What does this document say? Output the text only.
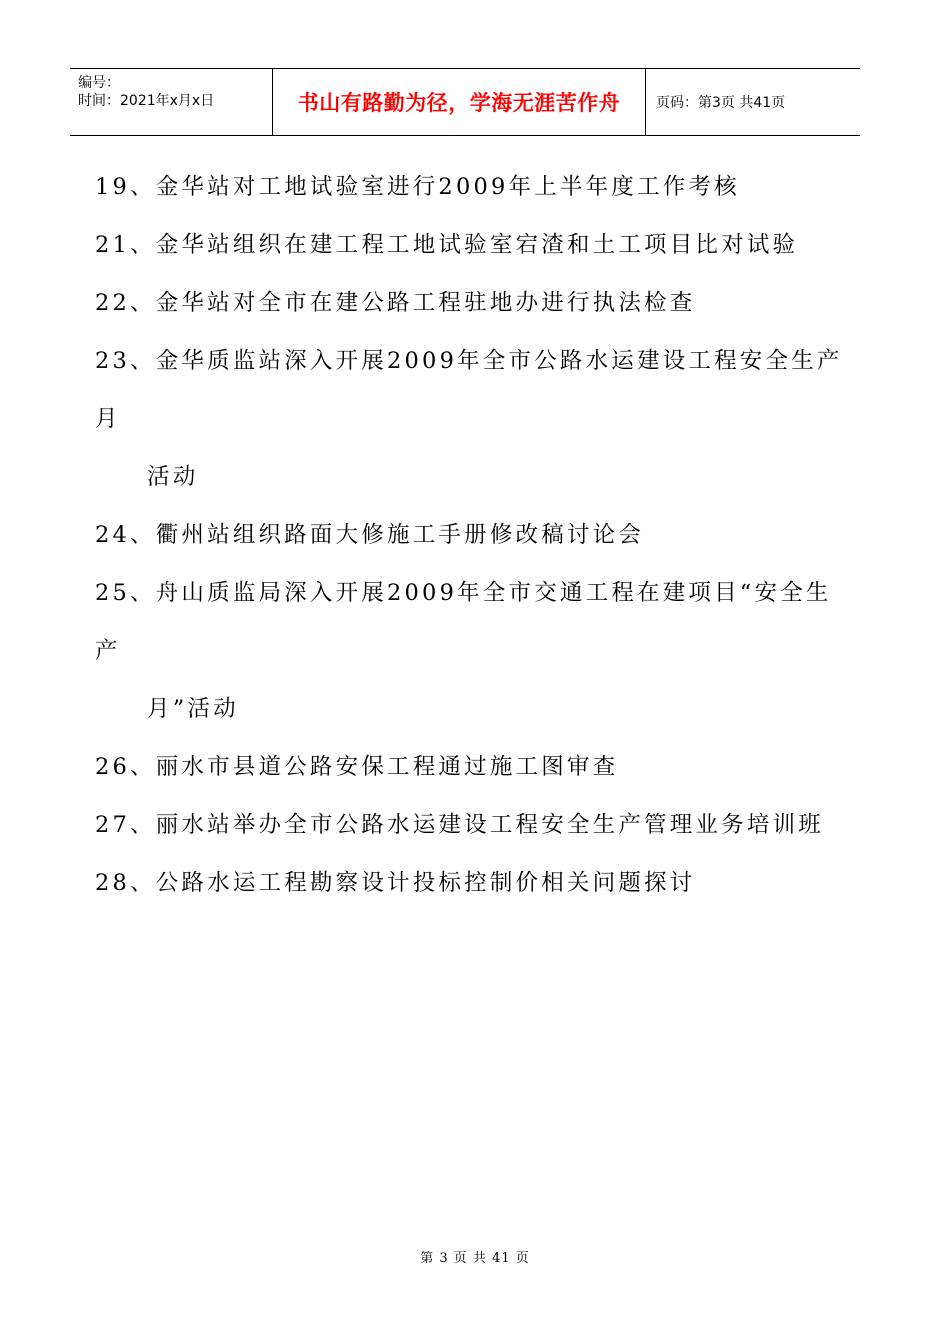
编号：
时间：2021年x月x日	书山有路勤为径，学海无涯苦作舟	页码：第3页 共41页
19、金华站对工地试验室进行2009年上半年度工作考核
21、金华站组织在建工程工地试验室宕渣和土工项目比对试验
22、金华站对全市在建公路工程驻地办进行执法检查
23、金华质监站深入开展2009年全市公路水运建设工程安全生产
月
活动
24、衢州站组织路面大修施工手册修改稿讨论会
25、舟山质监局深入开展2009年全市交通工程在建项目“安全生
产
月”活动
26、丽水市县道公路安保工程通过施工图审查
27、丽水站举办全市公路水运建设工程安全生产管理业务培训班
28、公路水运工程勘察设计投标控制价相关问题探讨
第 3 页 共 41 页
